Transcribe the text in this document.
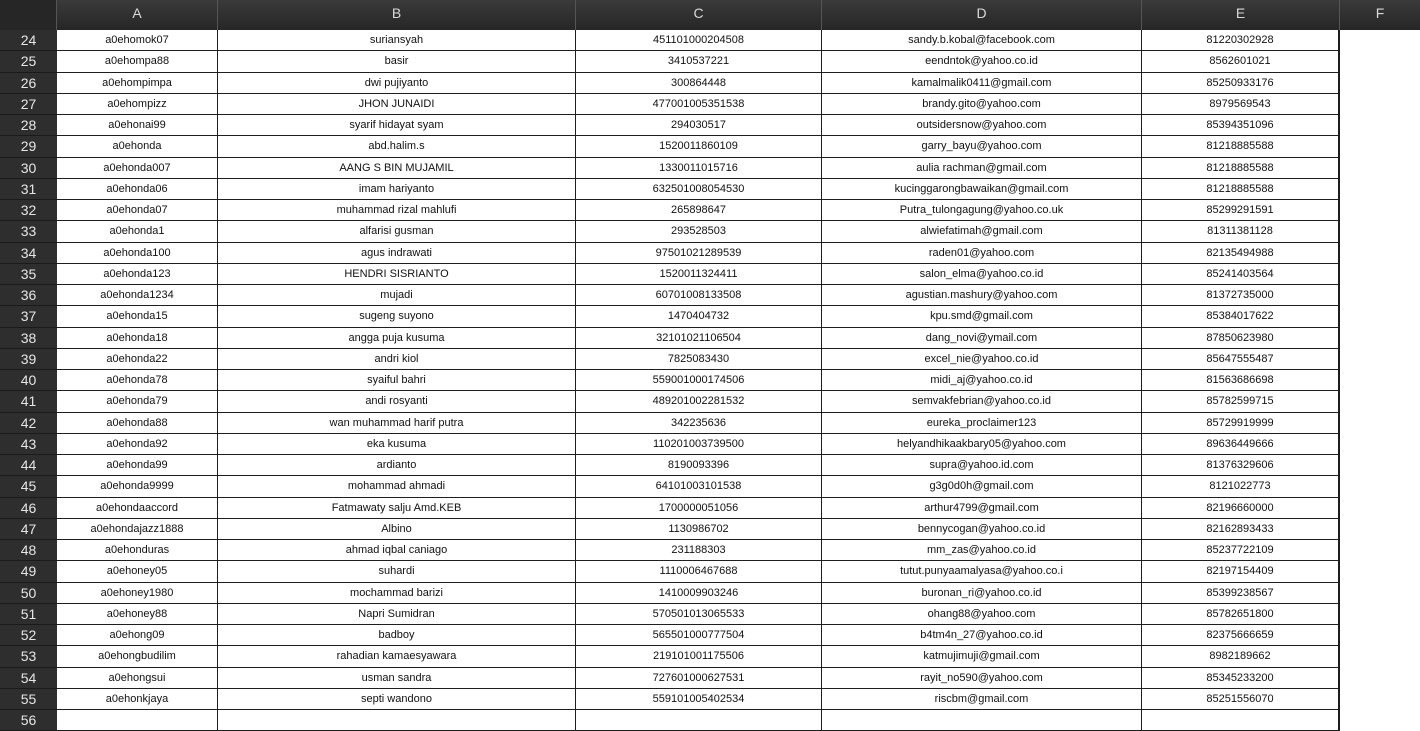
A	B	C	D	E	F
24	a0ehomok07	suriansyah	451101000204508	sandy.b.kobal@facebook.com	81220302928
25	a0ehompa88	basir	3410537221	eendntok@yahoo.co.id	8562601021
26	a0ehompimpa	dwi pujiyanto	300864448	kamalmalik0411@gmail.com	85250933176
27	a0ehompizz	JHON JUNAIDI	477001005351538	brandy.gito@yahoo.com	8979569543
28	a0ehonai99	syarif hidayat syam	294030517	outsidersnow@yahoo.com	85394351096
29	a0ehonda	abd.halim.s	1520011860109	garry_bayu@yahoo.com	81218885588
30	a0ehonda007	AANG S BIN MUJAMIL	1330011015716	aulia rachman@gmail.com	81218885588
31	a0ehonda06	imam hariyanto	632501008054530	kucinggarongbawaikan@gmail.com	81218885588
32	a0ehonda07	muhammad rizal mahlufi	265898647	Putra_tulongagung@yahoo.co.uk	85299291591
33	a0ehonda1	alfarisi gusman	293528503	alwiefatimah@gmail.com	81311381128
34	a0ehonda100	agus indrawati	97501021289539	raden01@yahoo.com	82135494988
35	a0ehonda123	HENDRI SISRIANTO	1520011324411	salon_elma@yahoo.co.id	85241403564
36	a0ehonda1234	mujadi	60701008133508	agustian.mashury@yahoo.com	81372735000
37	a0ehonda15	sugeng suyono	1470404732	kpu.smd@gmail.com	85384017622
38	a0ehonda18	angga puja kusuma	32101021106504	dang_novi@ymail.com	87850623980
39	a0ehonda22	andri kiol	7825083430	excel_nie@yahoo.co.id	85647555487
40	a0ehonda78	syaiful bahri	559001000174506	midi_aj@yahoo.co.id	81563686698
41	a0ehonda79	andi rosyanti	489201002281532	semvakfebrian@yahoo.co.id	85782599715
42	a0ehonda88	wan muhammad harif putra	342235636	eureka_proclaimer123	85729919999
43	a0ehonda92	eka kusuma	110201003739500	helyandhikaakbary05@yahoo.com	89636449666
44	a0ehonda99	ardianto	8190093396	supra@yahoo.id.com	81376329606
45	a0ehonda9999	mohammad ahmadi	64101003101538	g3g0d0h@gmail.com	8121022773
46	a0ehondaaccord	Fatmawaty salju Amd.KEB	1700000051056	arthur4799@gmail.com	82196660000
47	a0ehondajazz1888	Albino	1130986702	bennycogan@yahoo.co.id	82162893433
48	a0ehonduras	ahmad iqbal caniago	231188303	mm_zas@yahoo.co.id	85237722109
49	a0ehoney05	suhardi	1110006467688	tutut.punyaamalyasa@yahoo.co.i	82197154409
50	a0ehoney1980	mochammad barizi	1410009903246	buronan_ri@yahoo.co.id	85399238567
51	a0ehoney88	Napri Sumidran	570501013065533	ohang88@yahoo.com	85782651800
52	a0ehong09	badboy	565501000777504	b4tm4n_27@yahoo.co.id	82375666659
53	a0ehongbudilim	rahadian kamaesyawara	219101001175506	katmujimuji@gmail.com	8982189662
54	a0ehongsui	usman sandra	727601000627531	rayit_no590@yahoo.com	85345233200
55	a0ehonkjaya	septi wandono	559101005402534	riscbm@gmail.com	85251556070
56
